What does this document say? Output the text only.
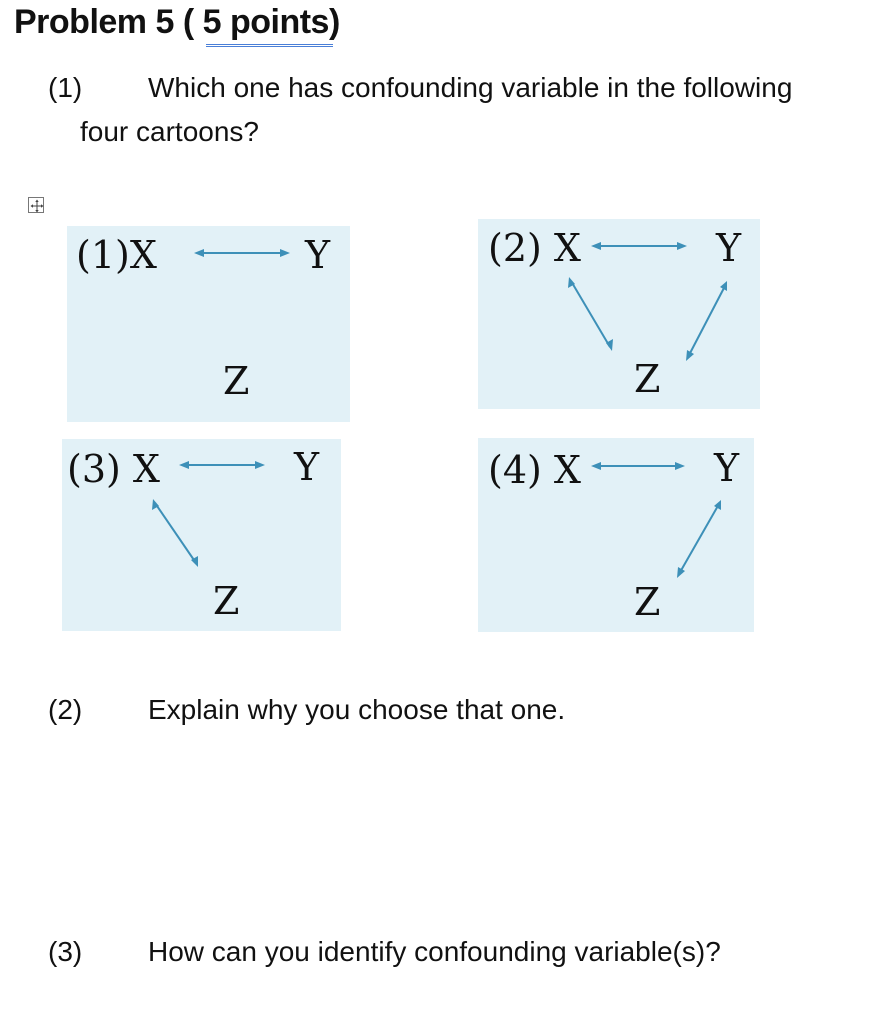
Problem 5 ( 5 points)
(1) Which one has confounding variable in the following
four cartoons?
(1)X	Y
Z
(2) X	Y
Z
(3) X	Y
Z
(4) X	Y
Z
(2) Explain why you choose that one.
(3) How can you identify confounding variable(s)?
